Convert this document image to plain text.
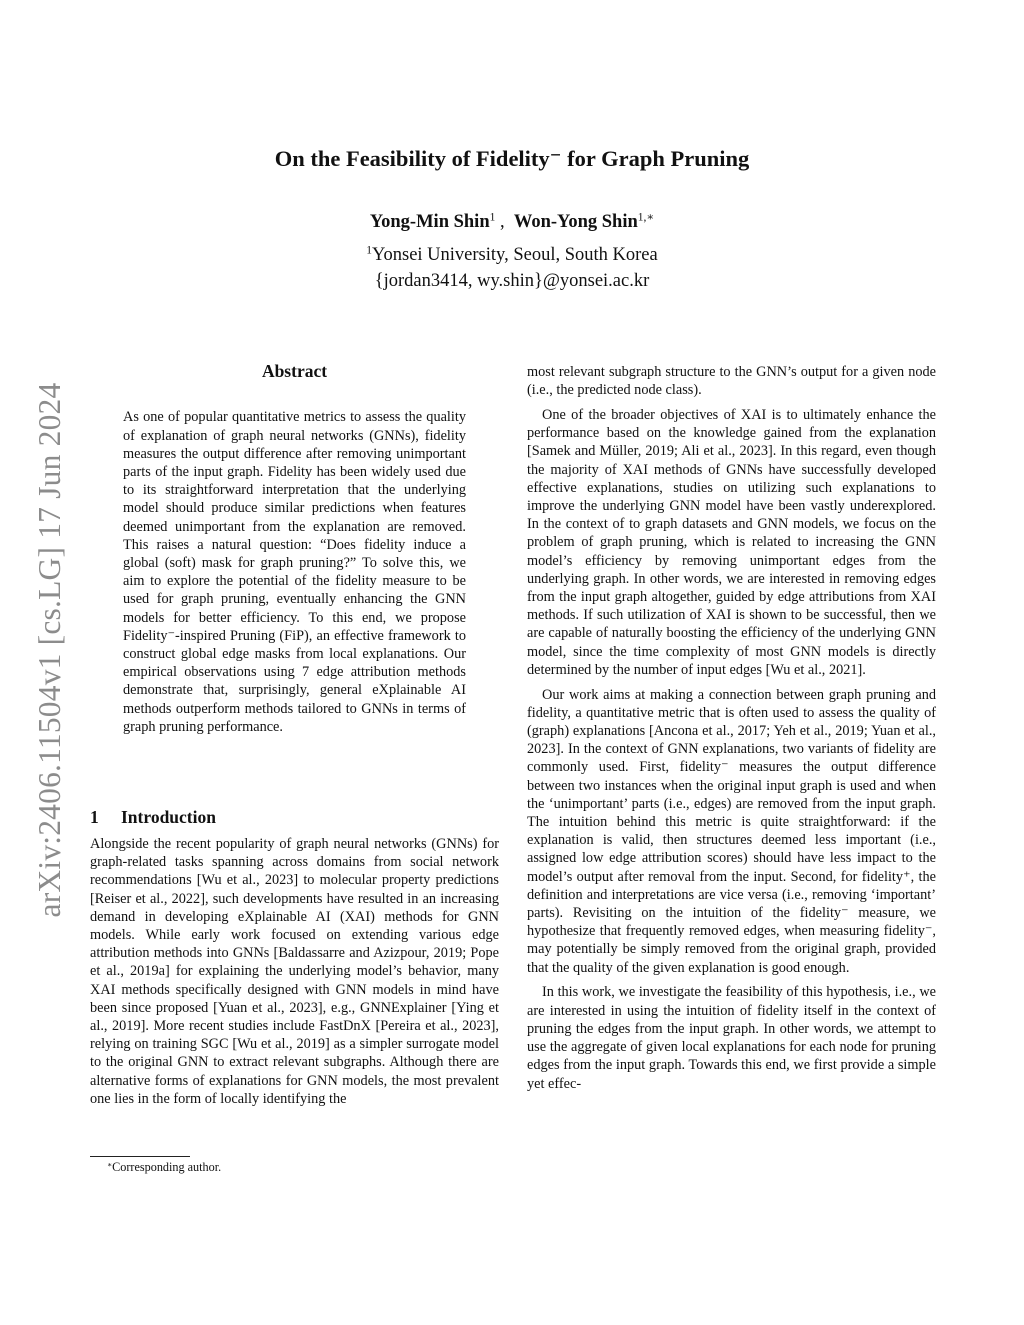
arXiv:2406.11504v1 [cs.LG] 17 Jun 2024
On the Feasibility of Fidelity⁻ for Graph Pruning
Yong-Min Shin$^1$ ,  Won-Yong Shin$^{1,∗}$
$^1$Yonsei University, Seoul, South Korea
{jordan3414, wy.shin}@yonsei.ac.kr
Abstract

As one of popular quantitative metrics to assess the quality of explanation of graph neural networks (GNNs), fidelity measures the output difference after removing unimportant parts of the input graph. Fidelity has been widely used due to its straightforward interpretation that the underlying model should produce similar predictions when features deemed unimportant from the explanation are removed. This raises a natural question: “Does fidelity induce a global (soft) mask for graph pruning?” To solve this, we aim to explore the potential of the fidelity measure to be used for graph pruning, eventually enhancing the GNN models for better efficiency. To this end, we propose Fidelity⁻-inspired Pruning (FiP), an effective framework to construct global edge masks from local explanations. Our empirical observations using 7 edge attribution methods demonstrate that, surprisingly, general eXplainable AI methods outperform methods tailored to GNNs in terms of graph pruning performance.

1 Introduction

Alongside the recent popularity of graph neural networks (GNNs) for graph-related tasks spanning across domains from social network recommendations [Wu et al., 2023] to molecular property predictions [Reiser et al., 2022], such developments have resulted in an increasing demand in developing eXplainable AI (XAI) methods for GNN models. While early work focused on extending various edge attribution methods into GNNs [Baldassarre and Azizpour, 2019; Pope et al., 2019a] for explaining the underlying model’s behavior, many XAI methods specifically designed with GNN models in mind have been since proposed [Yuan et al., 2023], e.g., GNNExplainer [Ying et al., 2019]. More recent studies include FastDnX [Pereira et al., 2023], relying on training SGC [Wu et al., 2019] as a simpler surrogate model to the original GNN to extract relevant subgraphs. Although there are alternative forms of explanations for GNN models, the most prevalent one lies in the form of locally identifying the

most relevant subgraph structure to the GNN’s output for a given node (i.e., the predicted node class).

One of the broader objectives of XAI is to ultimately enhance the performance based on the knowledge gained from the explanation [Samek and Müller, 2019; Ali et al., 2023]. In this regard, even though the majority of XAI methods of GNNs have successfully developed effective explanations, studies on utilizing such explanations to improve the underlying GNN model have been vastly underexplored. In the context of to graph datasets and GNN models, we focus on the problem of graph pruning, which is related to increasing the GNN model’s efficiency by removing unimportant edges from the underlying graph. In other words, we are interested in removing edges from the input graph altogether, guided by edge attributions from XAI methods. If such utilization of XAI is shown to be successful, then we are capable of naturally boosting the efficiency of the underlying GNN model, since the time complexity of most GNN models is directly determined by the number of input edges [Wu et al., 2021].

Our work aims at making a connection between graph pruning and fidelity, a quantitative metric that is often used to assess the quality of (graph) explanations [Ancona et al., 2017; Yeh et al., 2019; Yuan et al., 2023]. In the context of GNN explanations, two variants of fidelity are commonly used. First, fidelity⁻ measures the output difference between two instances when the original input graph is used and when the ‘unimportant’ parts (i.e., edges) are removed from the input graph. The intuition behind this metric is quite straightforward: if the explanation is valid, then structures deemed less important (i.e., assigned low edge attribution scores) should have less impact to the model’s output after removal from the input. Second, for fidelity⁺, the definition and interpretations are vice versa (i.e., removing ‘important’ parts). Revisiting on the intuition of the fidelity⁻ measure, we hypothesize that frequently removed edges, when measuring fidelity⁻, may potentially be simply removed from the original graph, provided that the quality of the given explanation is good enough.

In this work, we investigate the feasibility of this hypothesis, i.e., we are interested in using the intuition of fidelity itself in the context of pruning the edges from the input graph. In other words, we attempt to use the aggregate of given local explanations for each node for pruning edges from the input graph. Towards this end, we first provide a simple yet effec-

∗Corresponding author.
